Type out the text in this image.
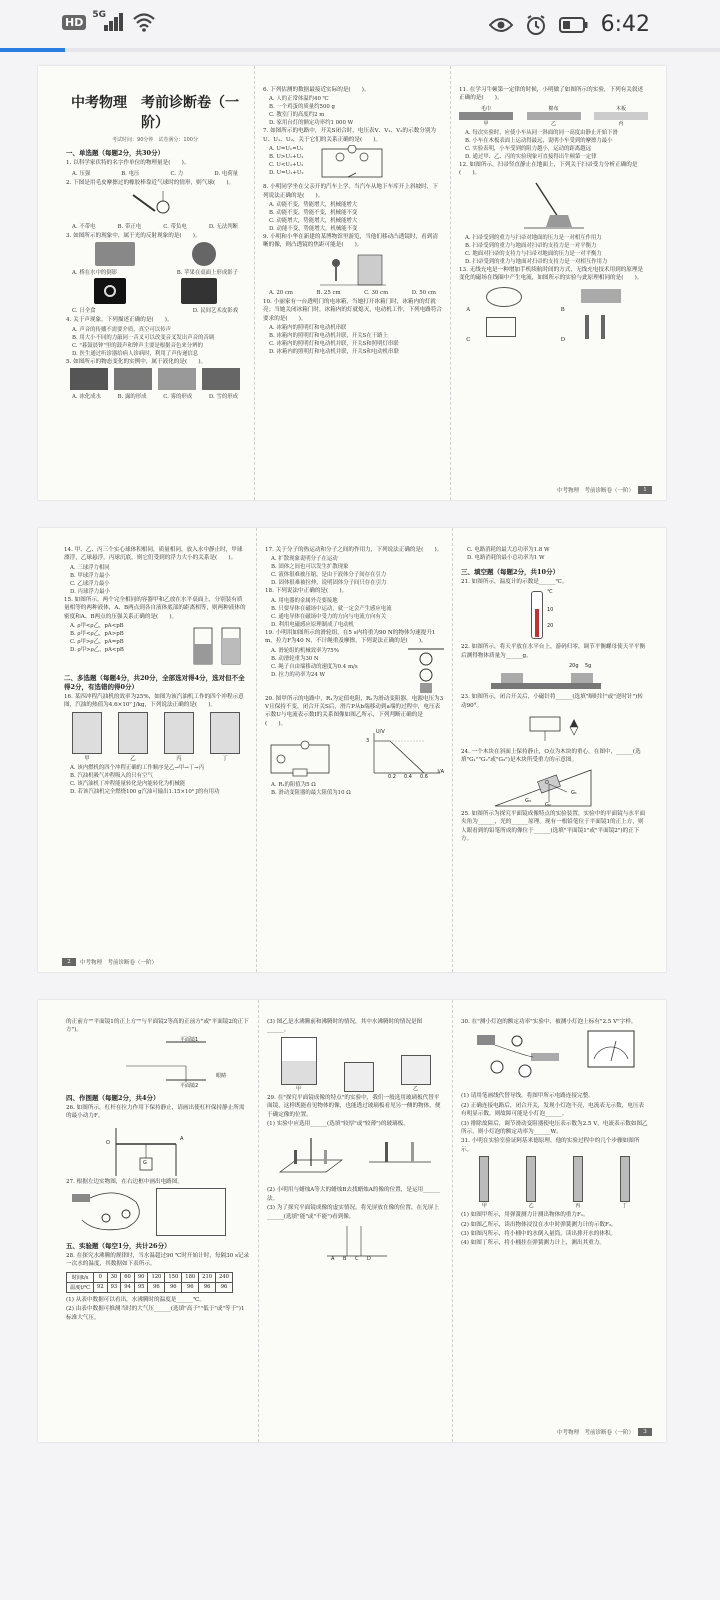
HD
5G	6:42
中考物理　考前诊断卷（一阶）
考试时间：90分钟　试卷满分：100分
一、单选题（每题2分，共30分）
1. 以科学家伏特的名字作单位的物理量是(　　)。
A. 压强	B. 电压	C. 力	D. 电荷量
2. 下图是用毛皮摩擦过的橡胶棒靠近气球时的情形，则气球(　　)。
A. 不带电	B. 带正电	C. 带负电	D. 无法判断
3. 如图所示的现象中，属于光的反射现象的是(　　)。
A. 桥在水中的倒影	B. 苹果在桌面上形成影子
C. 日全食	D. 民间艺术皮影戏
4. 关于声现象，下列描述正确的是(　　)。
A. 声音的传播不需要介质，真空可以传声
B. 用大小不同的力敲同一音叉可以改变音叉发出声音的音调
C. "暮鼓晨钟"里的鼓声和钟声主要是根据音色来分辨的
D. 医生通过听诊器给病人诊病时，利用了声传递信息
5. 如图所示的物态变化的实例中，属于液化的是(　　)。
A. 冰化成水	B. 露的形成	C. 雾的形成	D. 雪的形成
6. 下列估测的数据最接近实际的是(　　)。
A. 人的正常体温约40 ℃
B. 一个鸡蛋的质量约500 g
C. 教室门的高度约2 m
D. 家用台灯的额定功率约1 000 W
7. 如图所示的电路中，开关S闭合时，电压表V、V₁、V₂的示数分别为U、U₁、U₂，关于它们的关系正确的是(　　)。
A. U=U₁=U₂
B. U>U₁+U₂
C. U<U₁+U₂
D. U=U₁+U₂
8. 小明同学坐在父亲开的汽车上学，当汽车从地下车库开上斜坡时，下列说法正确的是(　　)。
A. 动能不变，势能增大，机械能增大
B. 动能不变，势能不变，机械能不变
C. 动能增大，势能增大，机械能增大
D. 动能不变，势能增大，机械能不变
9. 小明和小华在新建的某博物馆里游览，当他们移动凸透镜时，看到清晰的像，则凸透镜的焦距可能是(　　)。
A. 20 cm	B. 25 cm	C. 30 cm	D. 50 cm
10. 小丽家有一台透明门的电冰箱，当她打开冰箱门时，冰箱内的灯就亮；当她关闭冰箱门时，冰箱内的灯就熄灭，电动机工作，下列电路符合要求的是(　　)。
A. 冰箱内的照明灯和电动机串联
B. 冰箱内的照明灯和电动机并联，开关S在干路上
C. 冰箱内的照明灯和电动机并联，开关S和照明灯串联
D. 冰箱内的照明灯和电动机并联，开关S和电动机串联
11. 在学习牛顿第一定律的时候，小明做了如图所示的实验，下列有关叙述正确的是(　　)。
毛巾
甲
棉布
乙
木板
丙
A. 每次实验时，应使小车从同一斜面的同一高度由静止开始下滑
B. 小车在木板表面上运动得最远，说明小车受到的摩擦力最小
C. 实验表明，小车受到的阻力越小，运动的距离越远
D. 通过甲、乙、丙的实验现象可直接得出牛顿第一定律
12. 如图所示，扫帚竖直静止在地面上，下列关于扫帚受力分析正确的是(　　)。
A. 扫帚受到的重力与扫帚对地面的压力是一对相互作用力
B. 扫帚受到的重力与地面对扫帚的支持力是一对平衡力
C. 地面对扫帚的支持力与扫帚对地面的压力是一对平衡力
D. 扫帚受到的重力与地面对扫帚的支持力是一对相互作用力
13. 无线充电是一种增加手机续航时间的方式，无线充电技术用到的原理是变化的磁场在线圈中产生电流，如图所示的实验与此原理相同的是(　　)。
A	B
C	D
中考物理　考前诊断卷（一阶）	1
14. 甲、乙、丙三个实心球体积相同，质量相同，放入水中静止时，甲球漂浮，乙球悬浮，丙球沉底，则它们受到的浮力大小的关系是(　　)。
A. 三球浮力相同
B. 甲球浮力最小
C. 乙球浮力最小
D. 丙球浮力最小
15. 如图所示，两个完全相同的容器甲和乙放在水平桌面上，分别装有质量相等的两种液体，A、B两点到各自液体底部的距离相等，则两种液体的密度和A、B两点的压强关系正确的是(　　)。
A. ρ甲<ρ乙，pA<pB
B. ρ甲<ρ乙，pA>pB
C. ρ甲>ρ乙，pA=pB
D. ρ甲>ρ乙，pA<pB
二、多选题（每题4分，共20分，全部选对得4分，选对但不全得2分，有选错的得0分）
16. 某四冲程汽油机的效率为25%，如图为该汽油机工作的四个冲程示意图，汽油的热值为4.6×10⁷ J/kg，下列说法正确的是(　　)。
甲	乙	丙	丁
A. 该内燃机的四个冲程正确的工作顺序是乙→甲→丁→丙
B. 汽油机吸气冲程吸入的只有空气
C. 该汽油机丁冲程能量转化是内能转化为机械能
D. 若该汽油机完全燃烧100 g汽油可输出1.15×10⁶ J的有用功
17. 关于分子的热运动和分子之间的作用力，下列说法正确的是(　　)。
A. 扩散现象说明分子在运动
B. 固体之间也可以发生扩散现象
C. 液体很难被压缩，是由于液体分子间存在引力
D. 固体很难被拉伸，说明固体分子间只存在引力
18. 下列说法中正确的是(　　)。
A. 用电器的金属外壳要接地
B. 只要导体在磁场中运动，就一定会产生感应电流
C. 通电导体在磁场中受力的方向与电流方向有关
D. 利用电磁感应原理制成了电动机
19. 小明用如图所示的滑轮组，在5 s内将重为90 N的物体匀速提升1 m，拉力F为40 N，不计绳重及摩擦，下列说法正确的是(　　)。
A. 滑轮组的机械效率为75%
B. 动滑轮重为30 N
C. 绳子自由端移动的速度为0.4 m/s
D. 拉力的功率为24 W
20. 图甲所示的电路中，R₁为定值电阻，R₂为滑动变阻器，电源电压为3 V且保持不变，闭合开关S后，滑片P从b端移动到a端的过程中，电压表示数U与电流表示数I的关系图像如图乙所示，下列判断正确的是(　　)。
U/V
I/A
0.2 0.4 0.6
3
A. R₁的阻值为5 Ω
B. 滑动变阻器的最大阻值为10 Ω
C. 电路消耗的最大总功率为1.8 W
D. 电路消耗的最小总功率为1 W
三、填空题（每题2分，共10分）
21. 如图所示，温度计的示数是______℃。
℃
10
20
22. 如图所示，将天平放在水平台上，游码归零，调节平衡螺母使天平平衡后测得物体质量为______g。
20g 5g
23. 如图所示，闭合开关后，小磁针将______(选填"顺时针"或"逆时针")转动90°。
24. 一个木块在斜面上保持静止，O点为木块的重心，在图中，______(选填"G₁""G₂"或"G₃")是木块所受重力的示意图。
O
G₁
G₂
G₃
25. 如图所示为探究平面镜成像特点的实验装置，实验中的平面镜与水平面夹角为______，光的______原理。现有一根铅笔位于平面镜1的正上方，则人眼看到的铅笔所成的像位于______(选填"平面镜1"或"平面镜2")的正下方。
2	中考物理　考前诊断卷（一阶）
的正前方""平面镜1的正上方""与平面镜2等高的正前方"或"平面镜2的正下方")。
平面镜1
平面镜2
眼睛
四、作图题（每题2分，共4分）
26. 如图所示，杠杆在拉力作用下保持静止，请画出使杠杆保持静止所需的最小动力F。
O
A
G
27. 根据左边实物图，在右边框中画出电路图。
五、实验题（每空1分，共计26分）
28. 在探究水沸腾的规律时，当水温超过90 ℃时开始计时，每隔30 s记录一次水的温度，其数据如下表所示。
时间t/s	0	30	60	90	120	150	180	210	240
温度t/℃	92	93	94	95	96	96	96	96	96
(1) 从表中数据可以看出，水沸腾时的温度是______℃。
(2) 由表中数据可推测当时的大气压______(选填"高于""低于"或"等于")1标准大气压。
(3) 图乙是水沸腾前和沸腾时的情况，其中水沸腾时的情况是图______。
甲	乙
29. 在"探究平面镜成像的特点"的实验中，我们一般选用玻璃板代替平面镜，这样既能看见物体的像，也能透过玻璃板看见另一侧的物体，便于确定像的位置。
(1) 实验中应选用______(选填"较厚"或"较薄")的玻璃板。
(2) 小明用与蜡烛A等大的蜡烛B去找蜡烛A的像的位置，是运用______法。
(3) 为了探究平面镜成像的虚实情况，将光屏放在像的位置，在光屏上______(选填"能"或"不能")看到像。
A B C D
30. 在"测小灯泡的额定功率"实验中，被测小灯泡上标有"2.5 V"字样。
(1) 请用笔画线代替导线，将图甲所示电路连接完整。
(2) 正确连接电路后，闭合开关，发现小灯泡不亮，电流表无示数，电压表有明显示数，则故障可能是小灯泡______。
(3) 排除故障后，调节滑动变阻器使电压表示数为2.5 V，电流表示数如图乙所示，则小灯泡的额定功率为______W。
31. 小明在实验室验证阿基米德原理，他的实验过程中的几个步骤如图所示。
甲	乙	丙	丁
(1) 如图甲所示，用弹簧测力计测出物体的重力F₁。
(2) 如图乙所示，读出物体浸没在水中时弹簧测力计的示数F₂。
(3) 如图丙所示，将小桶中的水倒入量筒，读出排开水的体积。
(4) 如图丁所示，将小桶挂在弹簧测力计上，测出其重力。
中考物理　考前诊断卷（一阶）	3
